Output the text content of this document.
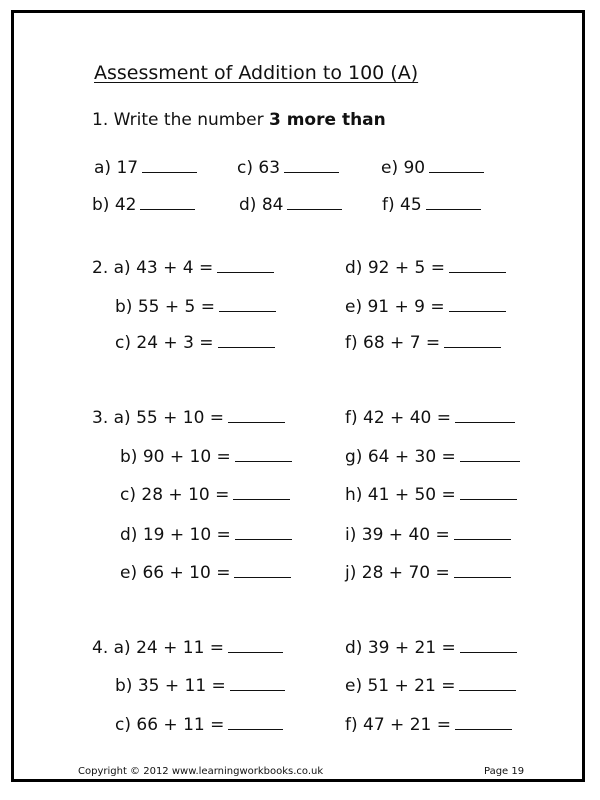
Assessment of Addition to 100 (A)
1. Write the number 3 more than
a) 17
b) 42
c) 63
d) 84
e) 90
f) 45
2. a) 43 + 4 =
b) 55 + 5 =
c) 24 + 3 =
d) 92 + 5 =
e) 91 + 9 =
f) 68 + 7 =
3. a) 55 + 10 =
b) 90 + 10 =
c) 28 + 10 =
d) 19 + 10 =
e) 66 + 10 =
f) 42 + 40 =
g) 64 + 30 =
h) 41 + 50 =
i) 39 + 40 =
j) 28 + 70 =
4. a) 24 + 11 =
b) 35 + 11 =
c) 66 + 11 =
d) 39 + 21 =
e) 51 + 21 =
f) 47 + 21 =
Copyright © 2012 www.learningworkbooks.co.uk	Page 19
